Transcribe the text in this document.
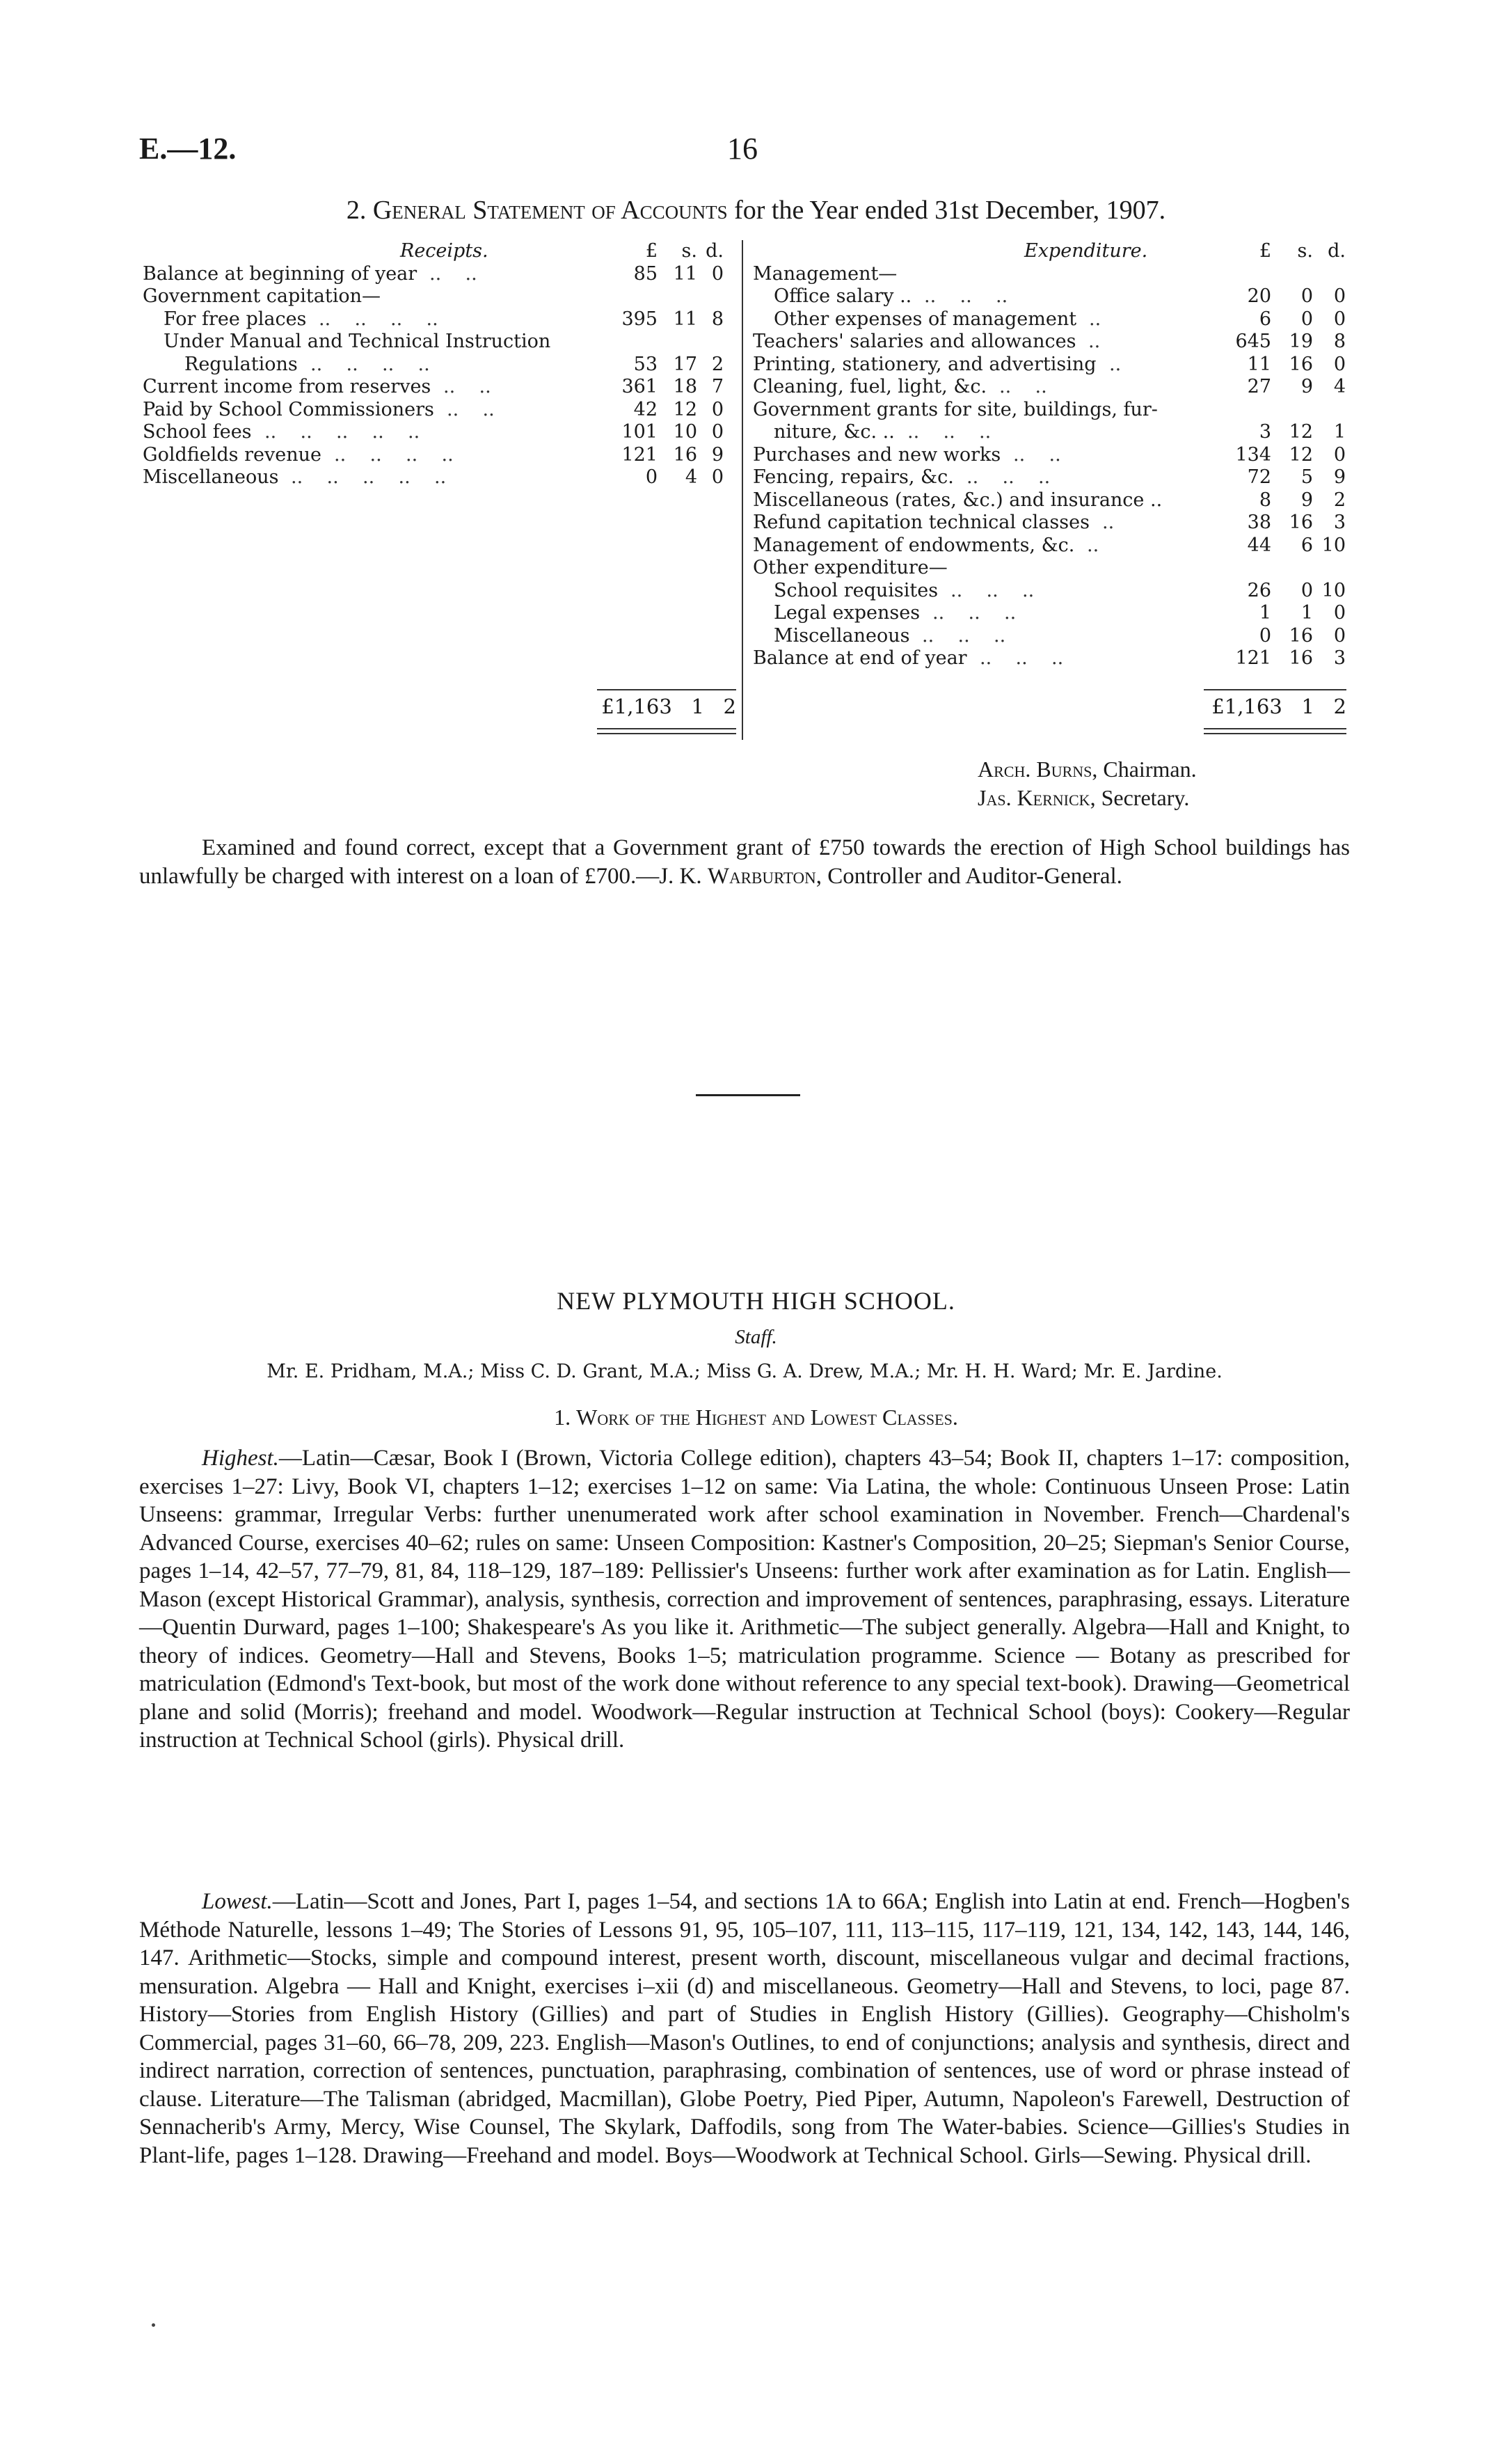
E.—12.	16
2. General Statement of Accounts for the Year ended 31st December, 1907.
Receipts.	£	s. d.
Balance at beginning of year ..    ..	85 11 0
Government capitation—
For free places ..    ..    ..    ..	395 11 8
Under Manual and Technical Instruction
Regulations ..    ..    ..    ..	53 17 2
Current income from reserves ..    ..	361 18 7
Paid by School Commissioners ..    ..	42 12 0
School fees ..    ..    ..    ..    ..	101 10 0
Goldfields revenue ..    ..    ..    ..	121 16 9
Miscellaneous ..    ..    ..    ..    ..	0	4 0
Expenditure.	£	s. d.
Management—
Office salary .. ..    ..    ..	20	0	0
Other expenses of management ..	6	0	0
Teachers' salaries and allowances ..	645 19	8
Printing, stationery, and advertising ..	11 16	0
Cleaning, fuel, light, &c. ..    ..	27	9	4
Government grants for site, buildings, fur-
niture, &c. .. ..    ..    ..	3 12	1
Purchases and new works ..    ..	134 12	0
Fencing, repairs, &c. ..    ..    ..	72	5	9
Miscellaneous (rates, &c.) and insurance ..	8	9	2
Refund capitation technical classes ..	38 16	3
Management of endowments, &c. ..	44	6 10
Other expenditure—
School requisites ..    ..    ..	26	0 10
Legal expenses ..    ..    ..	1	1	0
Miscellaneous ..    ..    ..	0 16	0
Balance at end of year ..    ..    ..	121 16	3
£1,163   1   2	£1,163   1   2
Arch. Burns, Chairman.
Jas. Kernick, Secretary.
Examined and found correct, except that a Government grant of £750 towards the erection of High School buildings has unlawfully be charged with interest on a loan of £700.—J. K. Warburton, Controller and Auditor-General.
NEW PLYMOUTH HIGH SCHOOL.
Staff.
Mr. E. Pridham, M.A.; Miss C. D. Grant, M.A.; Miss G. A. Drew, M.A.; Mr. H. H. Ward; Mr. E. Jardine.
1. Work of the Highest and Lowest Classes.
Highest.—Latin—Cæsar, Book I (Brown, Victoria College edition), chapters 43–54; Book II, chapters 1–17: composition, exercises 1–27: Livy, Book VI, chapters 1–12; exercises 1–12 on same: Via Latina, the whole: Continuous Unseen Prose: Latin Unseens: grammar, Irregular Verbs: further unenumerated work after school examination in November. French—Chardenal's Advanced Course, exercises 40–62; rules on same: Unseen Composition: Kastner's Composition, 20–25; Siepman's Senior Course, pages 1–14, 42–57, 77–79, 81, 84, 118–129, 187–189: Pellissier's Unseens: further work after examination as for Latin. English—Mason (except Historical Grammar), analysis, synthesis, correction and improvement of sentences, paraphrasing, essays. Literature—Quentin Durward, pages 1–100; Shakespeare's As you like it. Arithmetic—The subject generally. Algebra—Hall and Knight, to theory of indices. Geometry—Hall and Stevens, Books 1–5; matriculation programme. Science — Botany as prescribed for matriculation (Edmond's Text-book, but most of the work done without reference to any special text-book). Drawing—Geometrical plane and solid (Morris); freehand and model. Woodwork—Regular instruction at Technical School (boys): Cookery—Regular instruction at Technical School (girls). Physical drill.
Lowest.—Latin—Scott and Jones, Part I, pages 1–54, and sections 1A to 66A; English into Latin at end. French—Hogben's Méthode Naturelle, lessons 1–49; The Stories of Lessons 91, 95, 105–107, 111, 113–115, 117–119, 121, 134, 142, 143, 144, 146, 147. Arithmetic—Stocks, simple and compound interest, present worth, discount, miscellaneous vulgar and decimal fractions, mensuration. Algebra — Hall and Knight, exercises i–xii (d) and miscellaneous. Geometry—Hall and Stevens, to loci, page 87. History—Stories from English History (Gillies) and part of Studies in English History (Gillies). Geography—Chisholm's Commercial, pages 31–60, 66–78, 209, 223. English—Mason's Outlines, to end of conjunctions; analysis and synthesis, direct and indirect narration, correction of sentences, punctuation, paraphrasing, combination of sentences, use of word or phrase instead of clause. Literature—The Talisman (abridged, Macmillan), Globe Poetry, Pied Piper, Autumn, Napoleon's Farewell, Destruction of Sennacherib's Army, Mercy, Wise Counsel, The Skylark, Daffodils, song from The Water-babies. Science—Gillies's Studies in Plant-life, pages 1–128. Drawing—Freehand and model. Boys—Woodwork at Technical School. Girls—Sewing. Physical drill.
